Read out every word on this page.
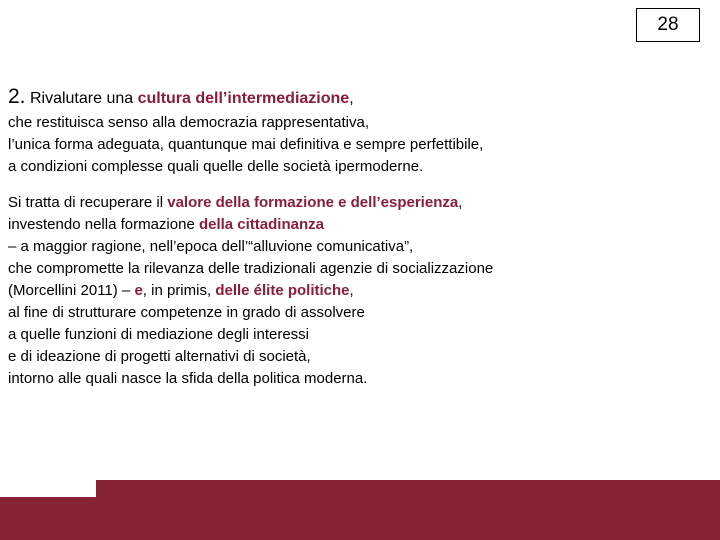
28

2. Rivalutare una cultura dell’intermediazione,

che restituisca senso alla democrazia rappresentativa,

l’unica forma adeguata, quantunque mai definitiva e sempre perfettibile,

a condizioni complesse quali quelle delle società ipermoderne.

Si tratta di recuperare il valore della formazione e dell’esperienza,

investendo nella formazione della cittadinanza

– a maggior ragione, nell’epoca dell’“alluvione comunicativa”,

che compromette la rilevanza delle tradizionali agenzie di socializzazione

(Morcellini 2011) – e, in primis, delle élite politiche,

al fine di strutturare competenze in grado di assolvere

a quelle funzioni di mediazione degli interessi

e di ideazione di progetti alternativi di società,

intorno alle quali nasce la sfida della politica moderna.
